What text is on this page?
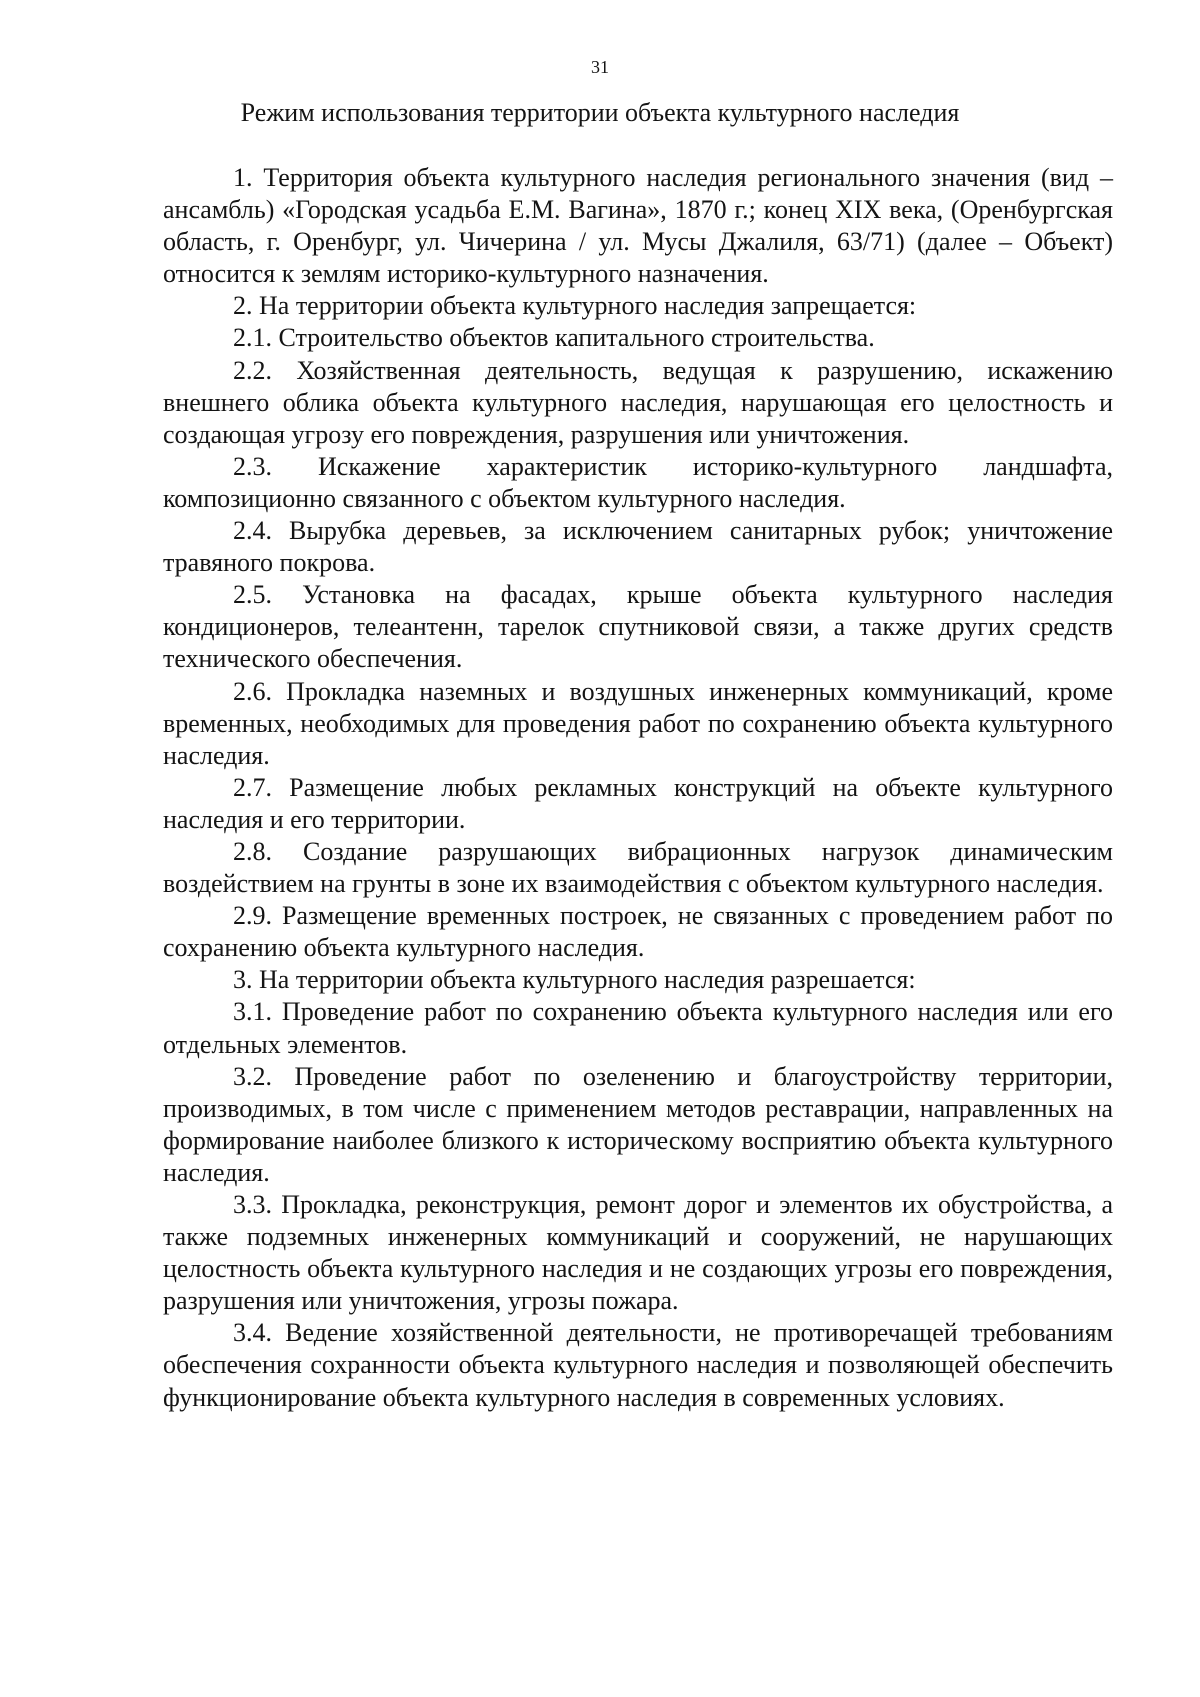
31
Режим использования территории объекта культурного наследия

1. Территория объекта культурного наследия регионального значения (вид – ансамбль) «Городская усадьба Е.М. Вагина», 1870 г.; конец XIX века, (Оренбургская область, г. Оренбург, ул. Чичерина / ул. Мусы Джалиля, 63/71) (далее – Объект) относится к землям историко-культурного назначения.

2. На территории объекта культурного наследия запрещается:

2.1. Строительство объектов капитального строительства.

2.2. Хозяйственная деятельность, ведущая к разрушению, искажению внешнего облика объекта культурного наследия, нарушающая его целостность и создающая угрозу его повреждения, разрушения или уничтожения.

2.3. Искажение характеристик историко-культурного ландшафта, композиционно связанного с объектом культурного наследия.

2.4. Вырубка деревьев, за исключением санитарных рубок; уничтожение травяного покрова.

2.5. Установка на фасадах, крыше объекта культурного наследия кондиционеров, телеантенн, тарелок спутниковой связи, а также других средств технического обеспечения.

2.6. Прокладка наземных и воздушных инженерных коммуникаций, кроме временных, необходимых для проведения работ по сохранению объекта культурного наследия.

2.7. Размещение любых рекламных конструкций на объекте культурного наследия и его территории.

2.8. Создание разрушающих вибрационных нагрузок динамическим воздействием на грунты в зоне их взаимодействия с объектом культурного наследия.

2.9. Размещение временных построек, не связанных с проведением работ по сохранению объекта культурного наследия.

3. На территории объекта культурного наследия разрешается:

3.1. Проведение работ по сохранению объекта культурного наследия или его отдельных элементов.

3.2. Проведение работ по озеленению и благоустройству территории, производимых, в том числе с применением методов реставрации, направленных на формирование наиболее близкого к историческому восприятию объекта культурного наследия.

3.3. Прокладка, реконструкция, ремонт дорог и элементов их обустройства, а также подземных инженерных коммуникаций и сооружений, не нарушающих целостность объекта культурного наследия и не создающих угрозы его повреждения, разрушения или уничтожения, угрозы пожара.

3.4. Ведение хозяйственной деятельности, не противоречащей требованиям обеспечения сохранности объекта культурного наследия и позволяющей обеспечить функционирование объекта культурного наследия в современных условиях.
